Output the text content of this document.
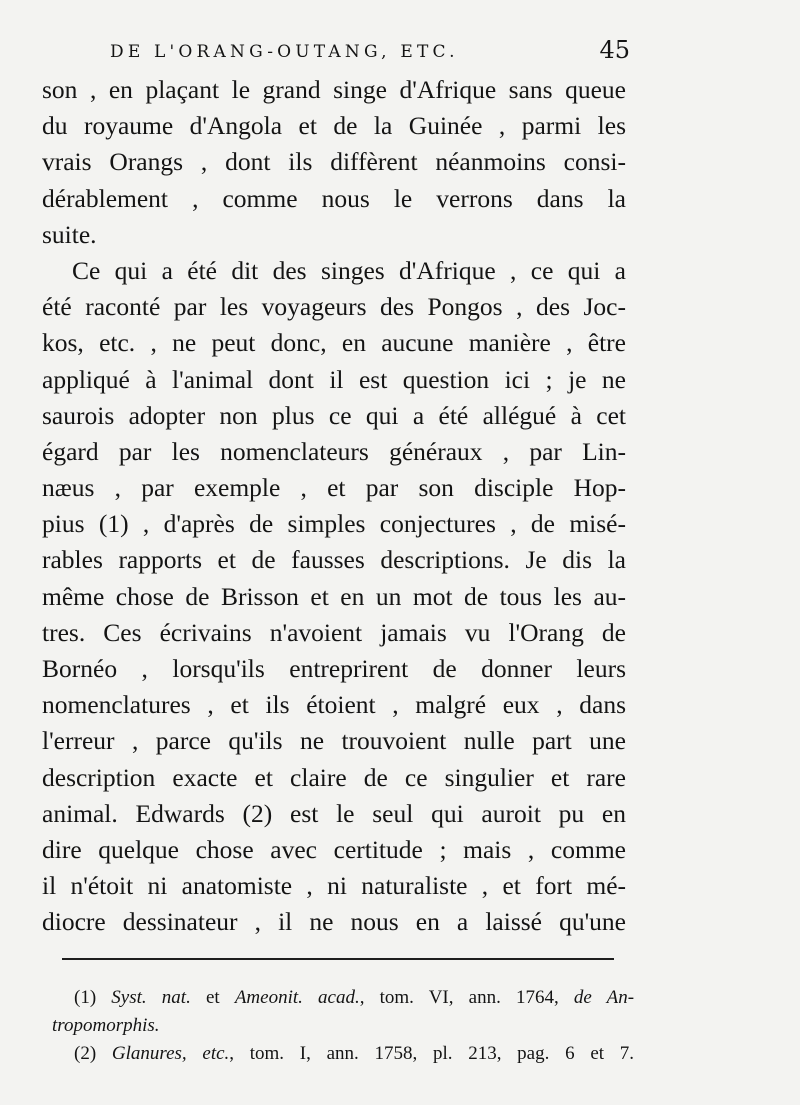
DE L'ORANG-OUTANG, ETC.	45
son , en plaçant le grand singe d'Afrique sans queue
du royaume d'Angola et de la Guinée , parmi les
vrais Orangs , dont ils diffèrent néanmoins consi-
dérablement , comme nous le verrons dans la
suite.
Ce qui a été dit des singes d'Afrique , ce qui a
été raconté par les voyageurs des Pongos , des Joc-
kos, etc. , ne peut donc, en aucune manière , être
appliqué à l'animal dont il est question ici ; je ne
saurois adopter non plus ce qui a été allégué à cet
égard par les nomenclateurs généraux , par Lin-
næus , par exemple , et par son disciple Hop-
pius (1) , d'après de simples conjectures , de misé-
rables rapports et de fausses descriptions. Je dis la
même chose de Brisson et en un mot de tous les au-
tres. Ces écrivains n'avoient jamais vu l'Orang de
Bornéo , lorsqu'ils entreprirent de donner leurs
nomenclatures , et ils étoient , malgré eux , dans
l'erreur , parce qu'ils ne trouvoient nulle part une
description exacte et claire de ce singulier et rare
animal. Edwards (2) est le seul qui auroit pu en
dire quelque chose avec certitude ; mais , comme
il n'étoit ni anatomiste , ni naturaliste , et fort mé-
diocre dessinateur , il ne nous en a laissé qu'une
(1) Syst. nat. et Ameonit. acad., tom. VI, ann. 1764, de An-
tropomorphis.
(2) Glanures, etc., tom. I, ann. 1758, pl. 213, pag. 6 et 7.
